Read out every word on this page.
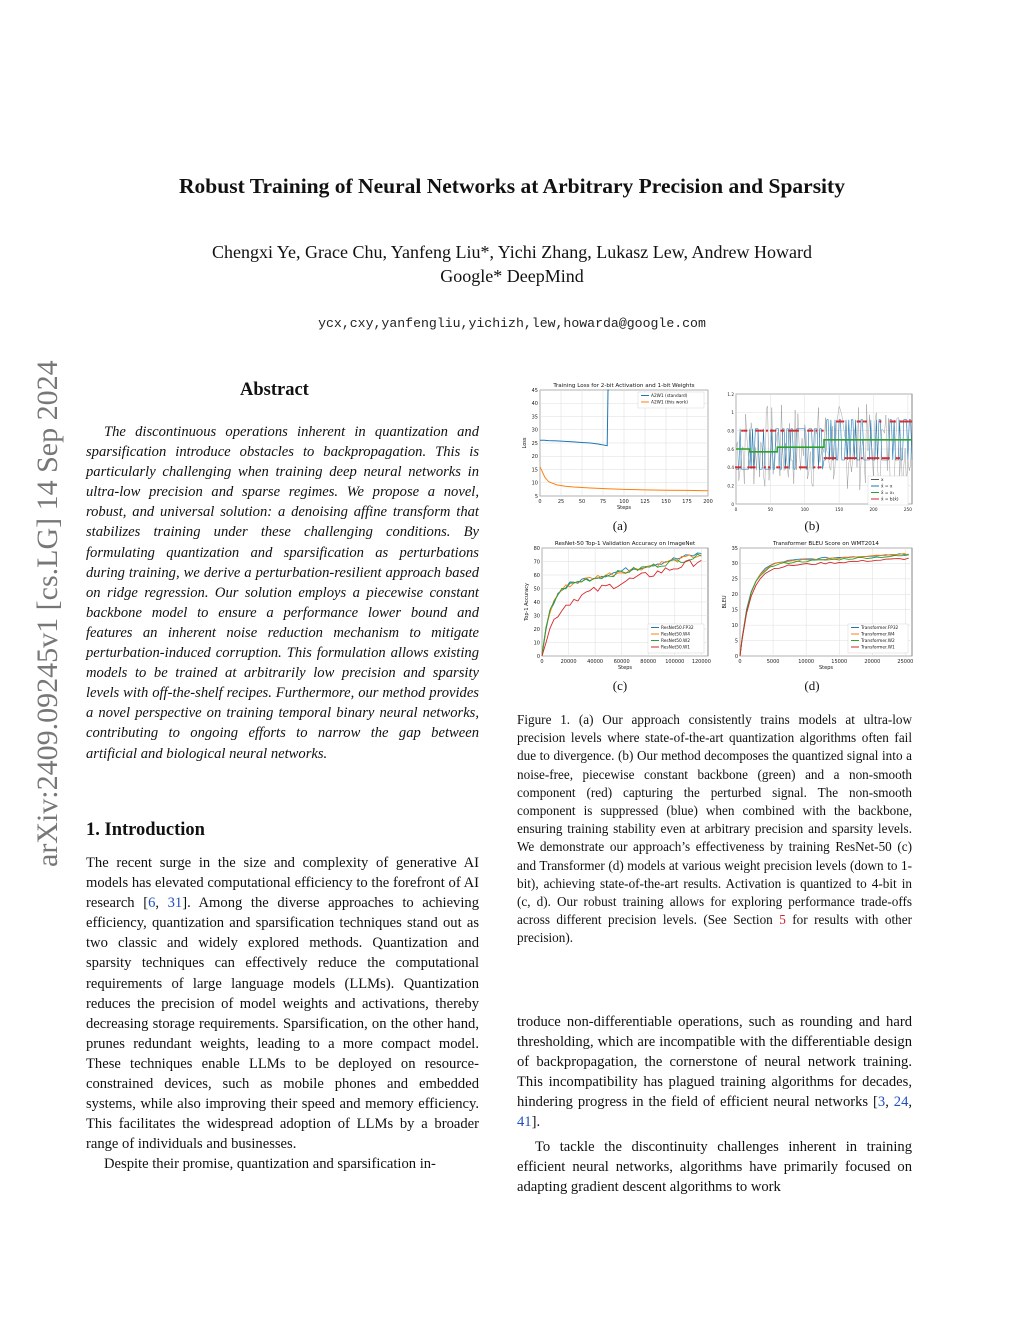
Robust Training of Neural Networks at Arbitrary Precision and Sparsity
Chengxi Ye, Grace Chu, Yanfeng Liu*, Yichi Zhang, Lukasz Lew, Andrew Howard
Google* DeepMind
ycx,cxy,yanfengliu,yichizh,lew,howarda@google.com
arXiv:2409.09245v1 [cs.LG] 14 Sep 2024	Abstract

The discontinuous operations inherent in quantization and sparsification introduce obstacles to backpropagation. This is particularly challenging when training deep neural networks in ultra-low precision and sparse regimes. We propose a novel, robust, and universal solution: a denoising affine transform that stabilizes training under these challenging conditions. By formulating quantization and sparsification as perturbations during training, we derive a perturbation-resilient approach based on ridge regression. Our solution employs a piecewise constant backbone model to ensure a performance lower bound and features an inherent noise reduction mechanism to mitigate perturbation-induced corruption. This formulation allows existing models to be trained at arbitrarily low precision and sparsity levels with off-the-shelf recipes. Furthermore, our method provides a novel perspective on training temporal binary neural networks, contributing to ongoing efforts to narrow the gap between artificial and biological neural networks.

1. Introduction

The recent surge in the size and complexity of generative AI models has elevated computational efficiency to the forefront of AI research [6, 31]. Among the diverse approaches to achieving efficiency, quantization and sparsification techniques stand out as two classic and widely explored methods. Quantization and sparsity techniques can effectively reduce the computational requirements of large language models (LLMs). Quantization reduces the precision of model weights and activations, thereby decreasing storage requirements. Sparsification, on the other hand, prunes redundant weights, leading to a more compact model. These techniques enable LLMs to be deployed on resource-constrained devices, such as mobile phones and embedded systems, while also improving their speed and memory efficiency. This facilitates the widespread adoption of LLMs by a broader range of individuals and businesses.

Despite their promise, quantization and sparsification in-

0	25	50	75	100 125 150 175 200
5
10
15
20
25
30
35
40
45
Training Loss for 2-bit Activation and 1-bit Weights
Steps
Loss
A2W1 (standard)
A2W1 (this work)
0	50	100	150	200	250
0
0.2
0.4
0.6
0.8
1
1.2
x
x̂ = x
x̂ = x₁
x̂ = b(x̂)
0	20000 40000 60000 80000 100000 120000
0
10
20
30
40
50
60
70
80
ResNet-50 Top-1 Validation Accuracy on ImageNet
Steps
Top-1 Accuracy
ResNet50.FP32
ResNet50.W4
ResNet50.W2
ResNet50.W1
0	5000	10000	15000	20000	25000
0
5
10
15
20
25
30
35
Transformer BLEU Score on WMT2014
Steps
BLEU
Transformer.FP32
Transformer.W4
Transformer.W2
Transformer.W1
(a)	(b)
(c)	(d)
Figure 1. (a) Our approach consistently trains models at ultra-low precision levels where state-of-the-art quantization algorithms often fail due to divergence. (b) Our method decomposes the quantized signal into a noise-free, piecewise constant backbone (green) and a non-smooth component (red) capturing the perturbed signal. The non-smooth component is suppressed (blue) when combined with the backbone, ensuring training stability even at arbitrary precision and sparsity levels. We demonstrate our approach’s effectiveness by training ResNet-50 (c) and Transformer (d) models at various weight precision levels (down to 1-bit), achieving state-of-the-art results. Activation is quantized to 4-bit in (c, d). Our robust training allows for exploring performance trade-offs across different precision levels. (See Section 5 for results with other precision).

troduce non-differentiable operations, such as rounding and hard thresholding, which are incompatible with the differentiable design of backpropagation, the cornerstone of neural network training. This incompatibility has plagued training algorithms for decades, hindering progress in the field of efficient neural networks [3, 24, 41].

To tackle the discontinuity challenges inherent in training efficient neural networks, algorithms have primarily focused on adapting gradient descent algorithms to work
